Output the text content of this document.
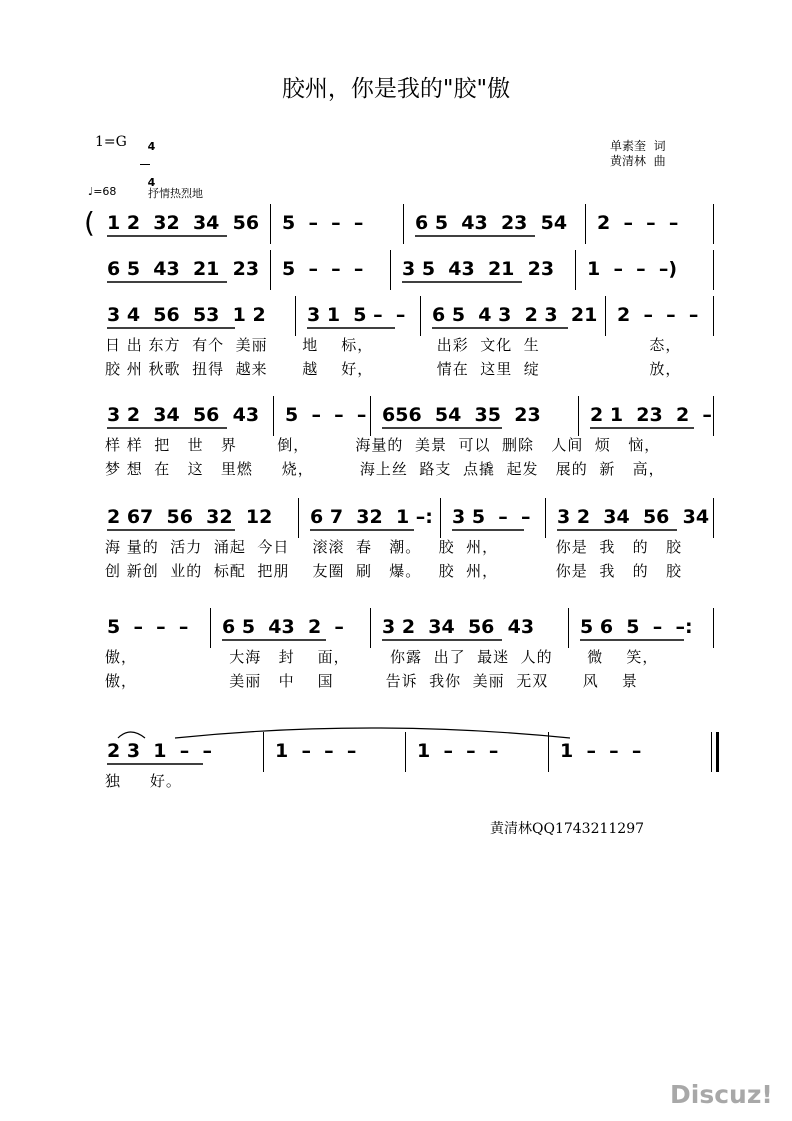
胶州，你是我的"胶"傲
1=G	4

4

单素奎  词
黄清林  曲
♩=68	抒情热烈地
( 1 2  32  34  56 5  –  –  –	6 5  43  23  54 2  –  –  –
6 5  43  21  23 5  –  –  – 3 5  43  21  23 1  –  –  –)
3 4  56  53  1 2 3 1  5 –  – 6 5  4 3  2 3  21 2  –  –  –
日 出 东方  有个  美丽      地    标，           出彩  文化  生                   态，
胶 州 秋歌  扭得  越来      越    好，           情在  这里  绽                   放，
3 2  34  56  43 5  –  –  – 656  54  35  23	2 1  23  2  –
样 样  把   世   界       倒，        海量的  美景  可以  删除   人间  烦   恼，
梦 想  在   这   里燃     烧，        海上丝  路支  点撬  起发   展的  新   高，
2 67  56  32  12 6 7  32  1 –: 3 5  –  – 3 2  34  56  34
海 量的  活力  涌起  今日    滚滚  春   潮。   胶  州，          你是  我   的   胶
创 新创  业的  标配  把朋    友圈  刷   爆。   胶  州，          你是  我   的   胶
5  –  –  – 6 5  43  2  – 3 2  34  56  43 5 6  5  –  –:
傲，                大海   封    面，       你露  出了  最迷  人的      微    笑，
傲，                美丽   中    国         告诉  我你  美丽  无双      风    景
2 3  1  –  –	1  –  –  –	1  –  –  –	1  –  –  –
独     好。
黄清林QQ1743211297
Discuz!
